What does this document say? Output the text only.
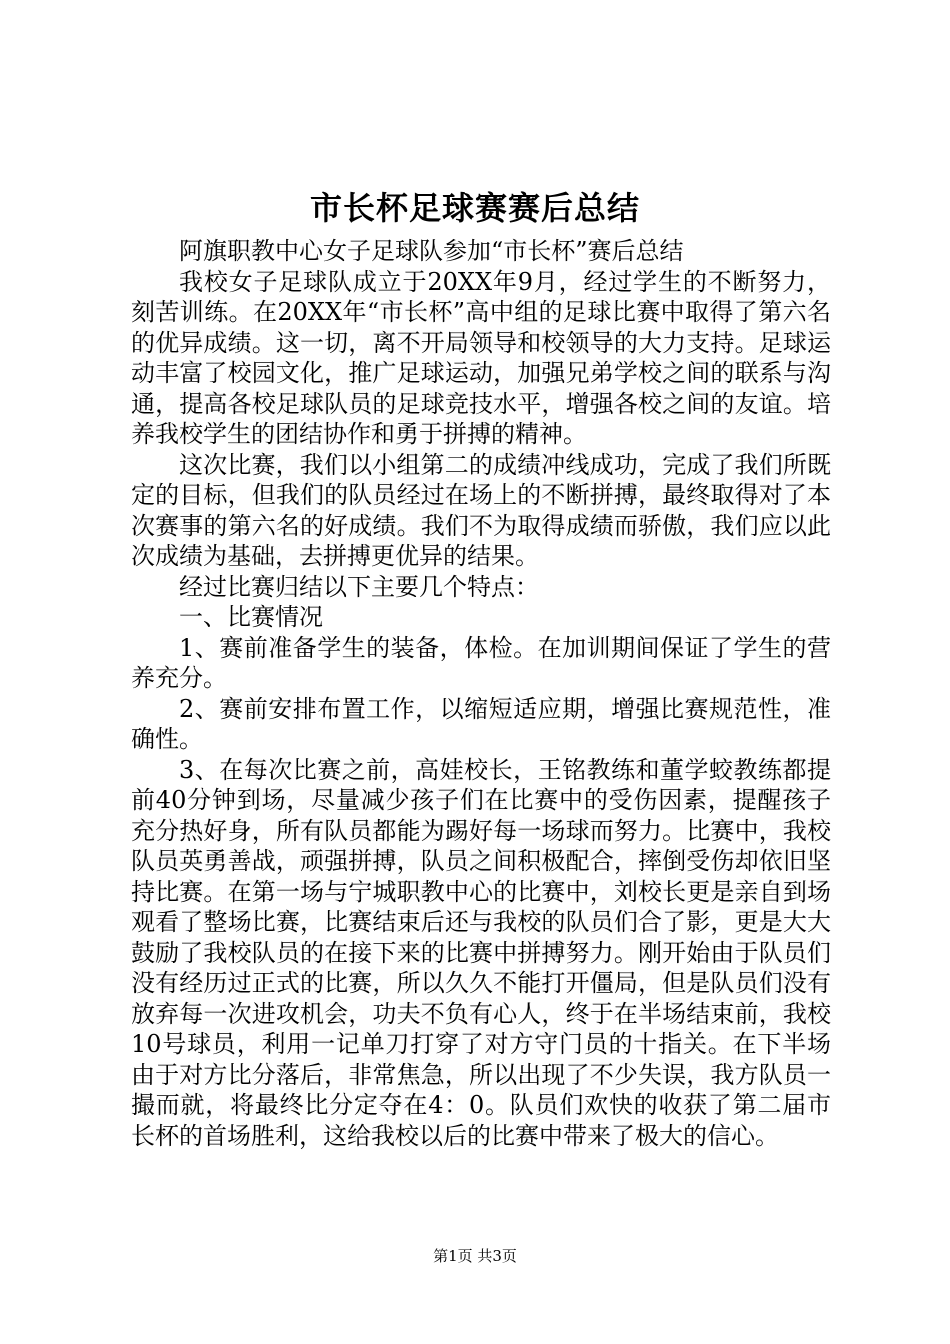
市长杯足球赛赛后总结

阿旗职教中心女子足球队参加“市长杯”赛后总结

我校女子足球队成立于20XX年9月，经过学生的不断努力，刻苦训练。在20XX年“市长杯”高中组的足球比赛中取得了第六名的优异成绩。这一切，离不开局领导和校领导的大力支持。足球运动丰富了校园文化，推广足球运动，加强兄弟学校之间的联系与沟通，提高各校足球队员的足球竞技水平，增强各校之间的友谊。培养我校学生的团结协作和勇于拼搏的精神。

这次比赛，我们以小组第二的成绩冲线成功，完成了我们所既定的目标，但我们的队员经过在场上的不断拼搏，最终取得对了本次赛事的第六名的好成绩。我们不为取得成绩而骄傲，我们应以此次成绩为基础，去拼搏更优异的结果。

经过比赛归结以下主要几个特点：

一、比赛情况

1、赛前准备学生的装备，体检。在加训期间保证了学生的营养充分。

2、赛前安排布置工作，以缩短适应期，增强比赛规范性，准确性。

3、在每次比赛之前，高娃校长，王铭教练和董学蛟教练都提前40分钟到场，尽量减少孩子们在比赛中的受伤因素，提醒孩子充分热好身，所有队员都能为踢好每一场球而努力。比赛中，我校队员英勇善战，顽强拼搏，队员之间积极配合，摔倒受伤却依旧坚持比赛。在第一场与宁城职教中心的比赛中，刘校长更是亲自到场观看了整场比赛，比赛结束后还与我校的队员们合了影，更是大大鼓励了我校队员的在接下来的比赛中拼搏努力。刚开始由于队员们没有经历过正式的比赛，所以久久不能打开僵局，但是队员们没有放弃每一次进攻机会，功夫不负有心人，终于在半场结束前，我校10号球员，利用一记单刀打穿了对方守门员的十指关。在下半场由于对方比分落后，非常焦急，所以出现了不少失误，我方队员一撮而就，将最终比分定夺在4：0。队员们欢快的收获了第二届市长杯的首场胜利，这给我校以后的比赛中带来了极大的信心。

第1页 共3页
